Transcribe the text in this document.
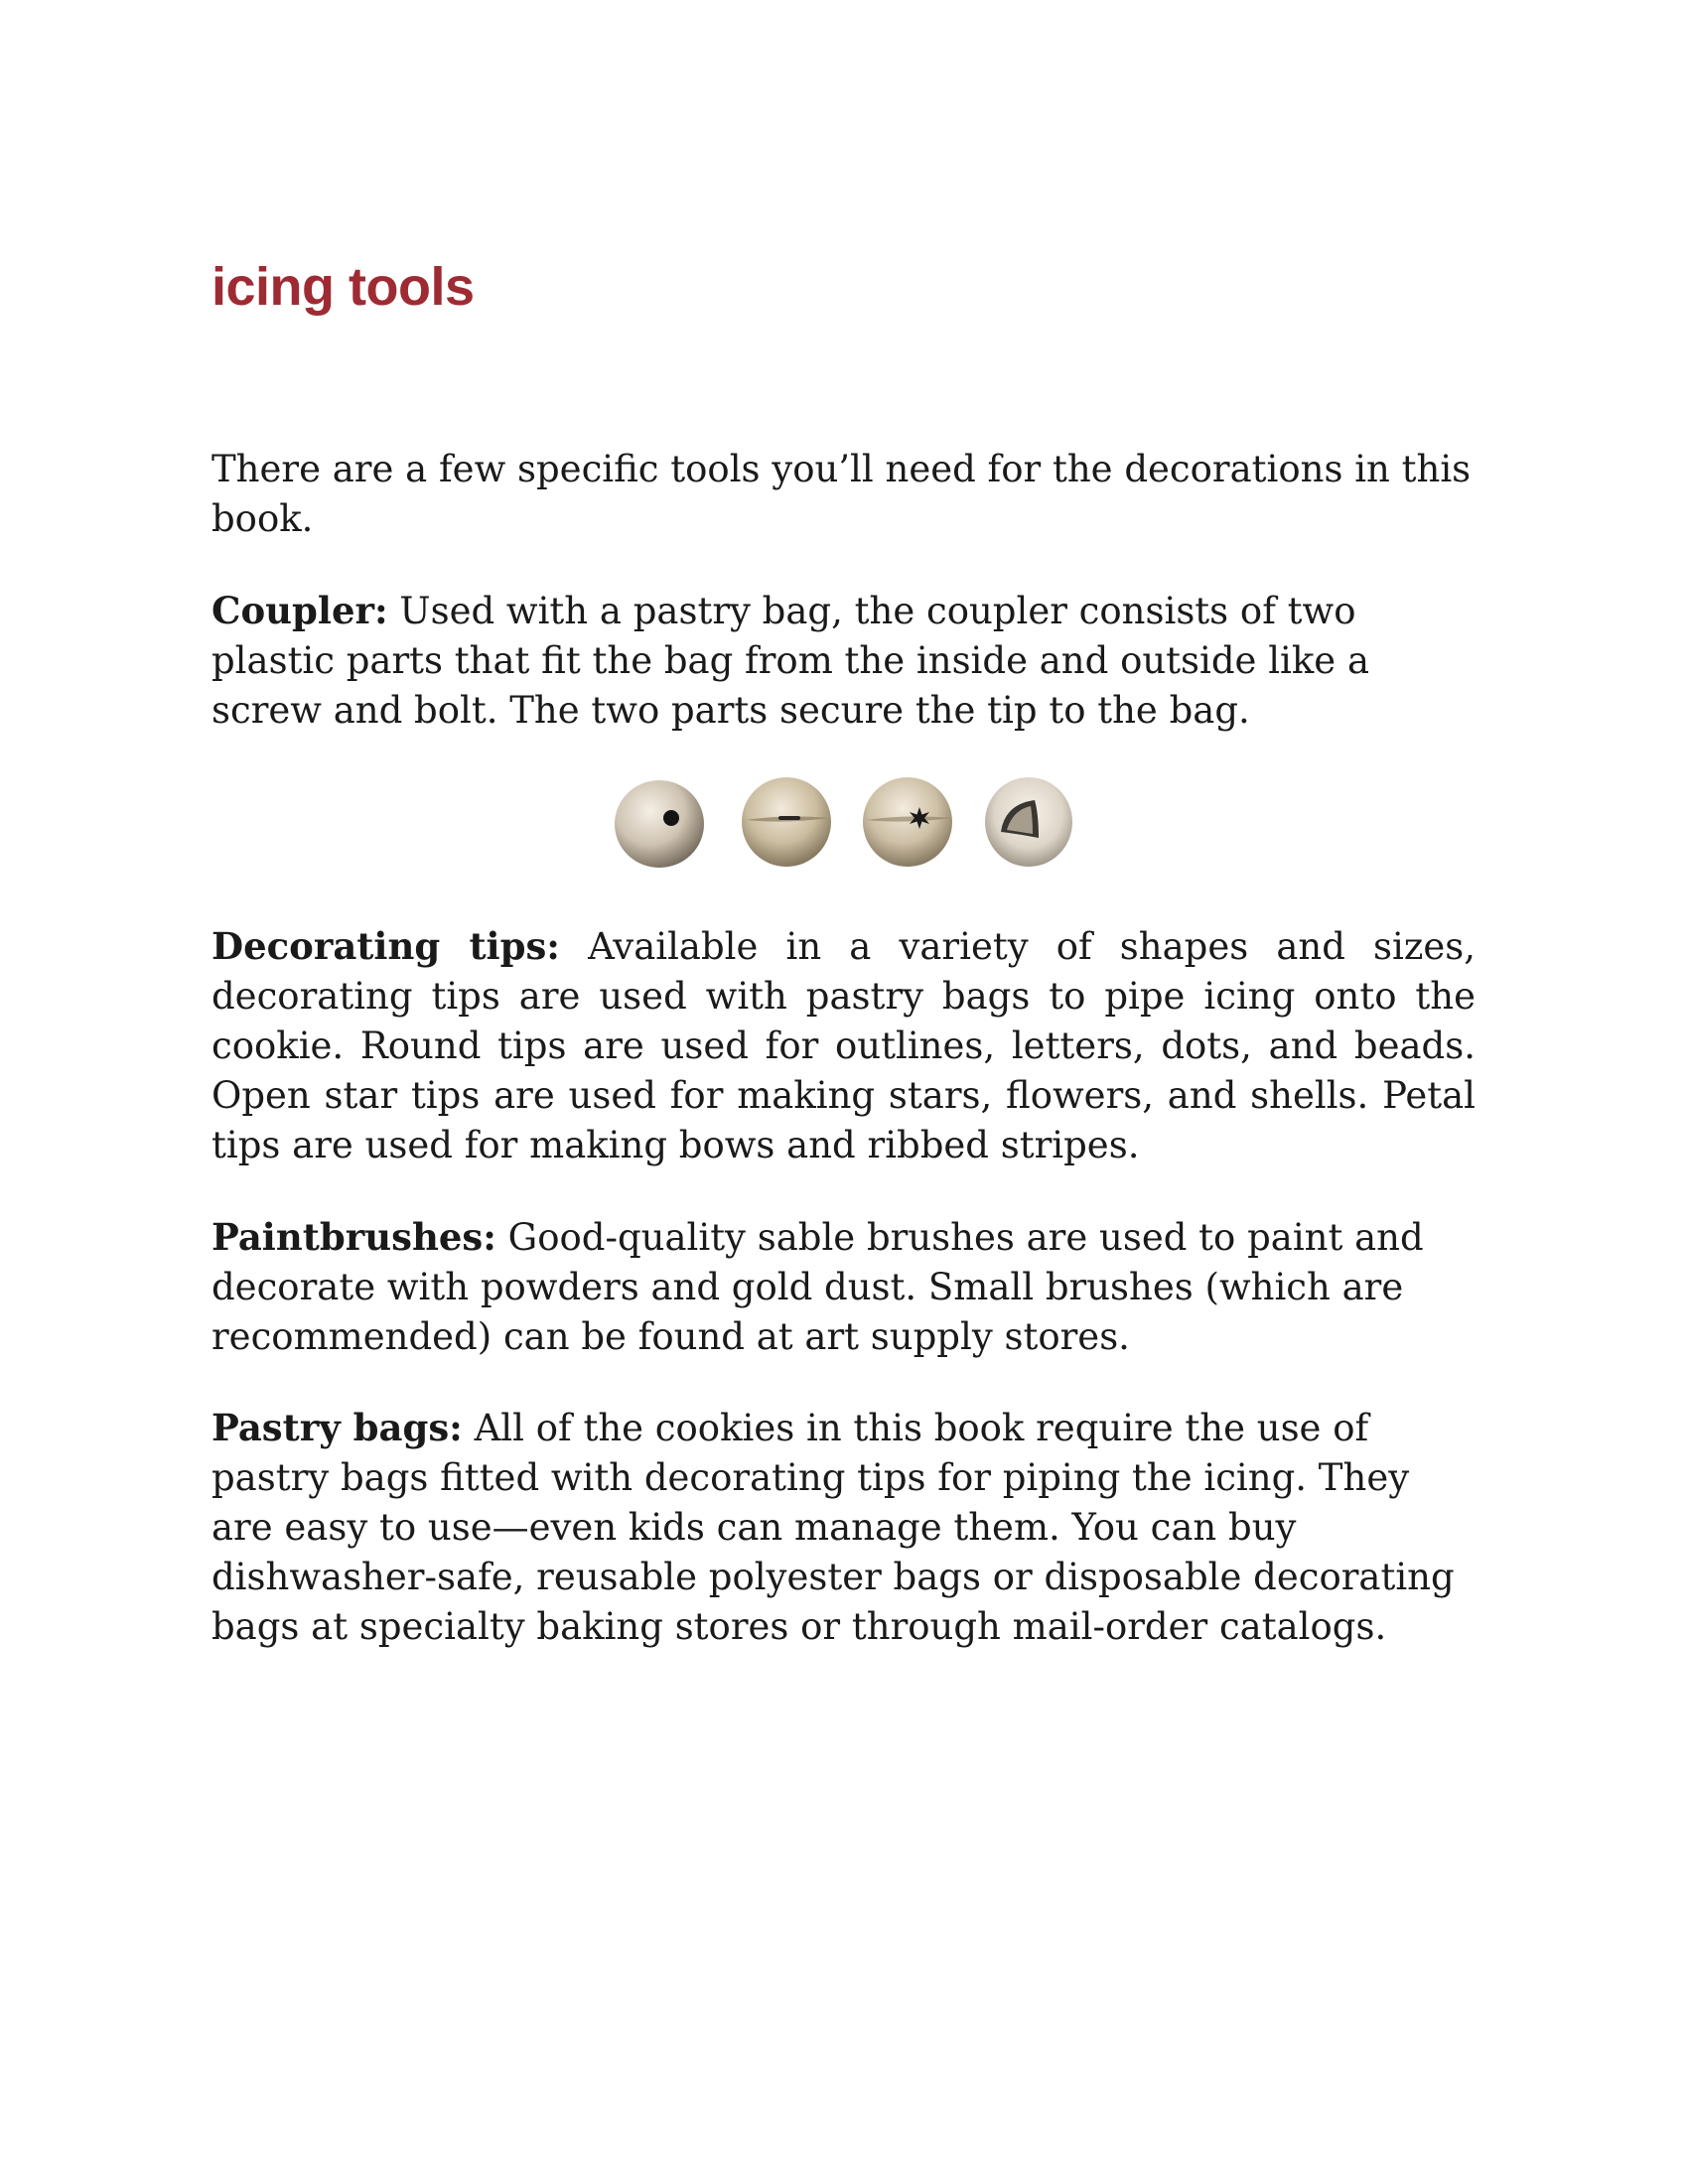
icing tools

There are a few specific tools you’ll need for the decorations in this book.

Coupler: Used with a pastry bag, the coupler consists of two plastic parts that fit the bag from the inside and outside like a screw and bolt. The two parts secure the tip to the bag.

Decorating tips: Available in a variety of shapes and sizes, decorating tips are used with pastry bags to pipe icing onto the cookie. Round tips are used for outlines, letters, dots, and beads. Open star tips are used for making stars, flowers, and shells. Petal tips are used for making bows and ribbed stripes.

Paintbrushes: Good-quality sable brushes are used to paint and decorate with powders and gold dust. Small brushes (which are recommended) can be found at art supply stores.

Pastry bags: All of the cookies in this book require the use of pastry bags fitted with decorating tips for piping the icing. They are easy to use—even kids can manage them. You can buy dishwasher-safe, reusable polyester bags or disposable decorating bags at specialty baking stores or through mail-order catalogs.
